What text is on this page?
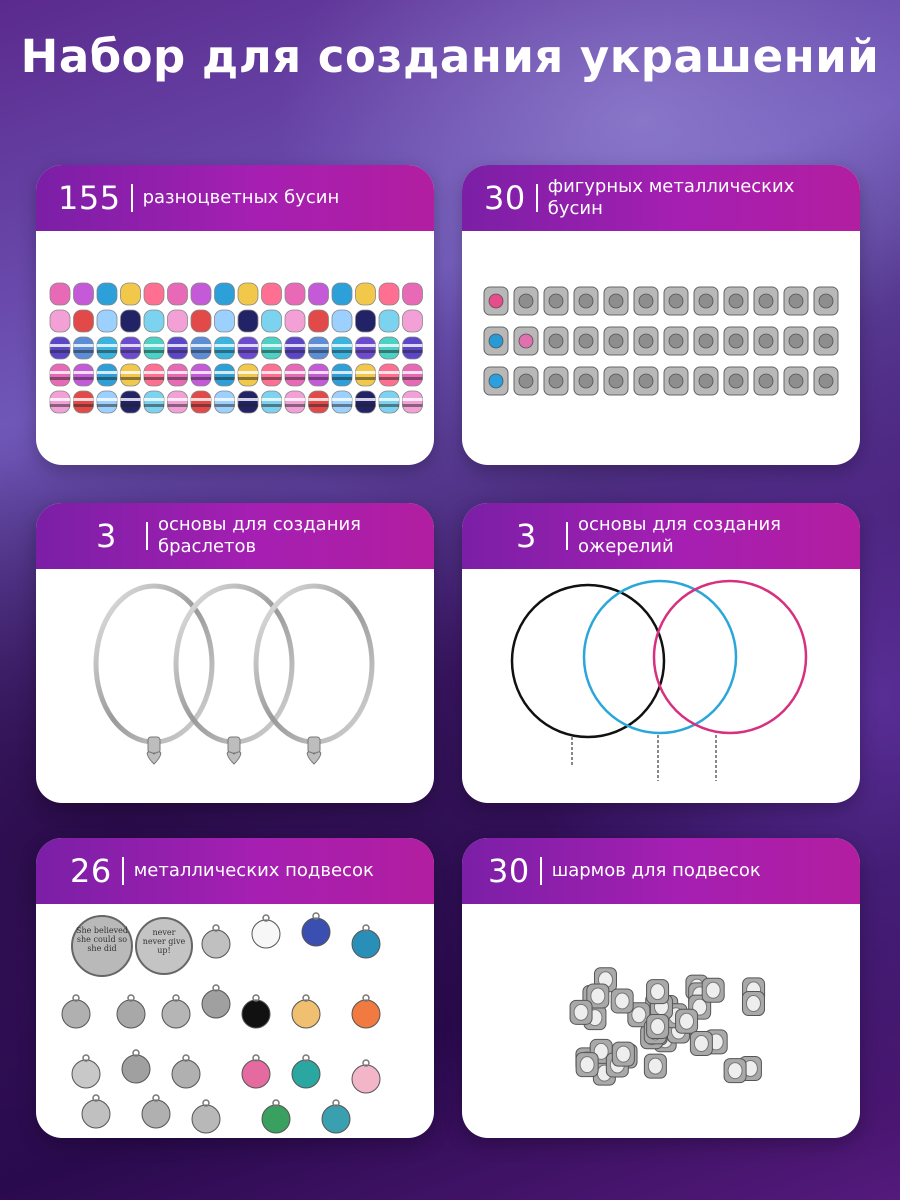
Набор для создания украшений
155 разноцветных бусин	30 фигурных металлических бусин
3	основы для создания браслетов	3	основы для создания ожерелий
26 металлических подвесок
She believed she could so she did
never never give up!
30 шармов для подвесок
